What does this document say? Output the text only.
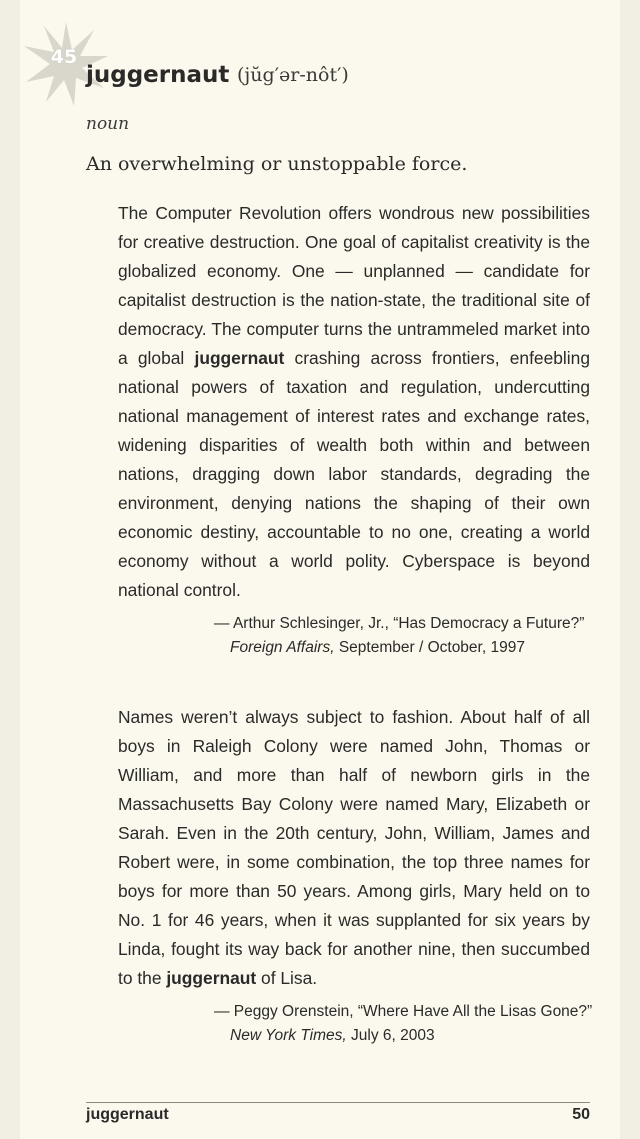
45
juggernaut (jŭg′ər-nôt′)
noun
An overwhelming or unstoppable force.
The Computer Revolution offers wondrous new possibilities for creative destruction. One goal of capitalist creativity is the globalized economy. One — unplanned — candidate for capitalist destruction is the nation-state, the traditional site of democracy. The computer turns the untrammeled market into a global juggernaut crashing across frontiers, enfeebling national powers of taxation and regulation, undercutting national management of interest rates and exchange rates, widening disparities of wealth both within and between nations, dragging down labor standards, degrading the environment, denying nations the shaping of their own economic destiny, accountable to no one, creating a world economy without a world polity. Cyberspace is beyond national control.
— Arthur Schlesinger, Jr., “Has Democracy a Future?” Foreign Affairs, September / October, 1997
Names weren’t always subject to fashion. About half of all boys in Raleigh Colony were named John, Thomas or William, and more than half of newborn girls in the Massachusetts Bay Colony were named Mary, Elizabeth or Sarah. Even in the 20th century, John, William, James and Robert were, in some combination, the top three names for boys for more than 50 years. Among girls, Mary held on to No. 1 for 46 years, when it was supplanted for six years by Linda, fought its way back for another nine, then succumbed to the juggernaut of Lisa.
— Peggy Orenstein, “Where Have All the Lisas Gone?” New York Times, July 6, 2003
juggernaut	50
